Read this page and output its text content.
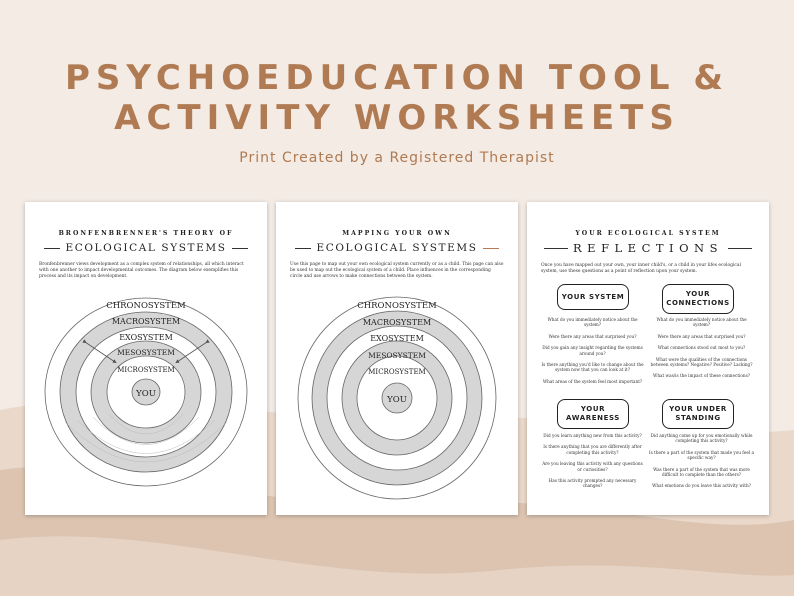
PSYCHOEDUCATION TOOL &
ACTIVITY WORKSHEETS
Print Created by a Registered Therapist
BRONFENBRENNER'S THEORY OF
ECOLOGICAL SYSTEMS
Bronfenbrenner views development as a complex system of relationships, all which interact with one another to impact developmental outcomes. The diagram below exemplifies this process and its impact on development.
CHRONOSYSTEM
MACROSYSTEM
EXOSYSTEM
MESOSYSTEM
MICROSYSTEM
YOU
MAPPING YOUR OWN
ECOLOGICAL SYSTEMS
Use this page to map out your own ecological system currently or as a child. This page can also be used to map out the ecological system of a child. Place influences in the corresponding circle and use arrows to make connections between the system.
CHRONOSYSTEM
MACROSYSTEM
EXOSYSTEM
MESOSYSTEM
MICROSYSTEM
YOU
YOUR ECOLOGICAL SYSTEM
REFLECTIONS
Once you have mapped out your own, your inner child's, or a child in your lifes ecological system, use these questions as a point of reflection upon your system.
YOUR SYSTEM	YOUR
CONNECTIONS
YOUR
AWARENESS
YOUR UNDER
STANDING

What do you immediately notice about the system?

Were there any areas that surprised you?

Did you gain any insight regarding the systems around you?

Is there anything you'd like to change about the system now that you can look at it?

What areas of the system feel most important?

What do you immediately notice about the system?

Were there any areas that surprised you?

What connections stood out most to you?

What were the qualities of the connections between systems? Negative? Positive? Lacking?

What was/is the impact of these connections?

Did you learn anything new from this activity?

Is there anything that you are differently after completing this activity?

Are you leaving this activity with any questions or curiosities?

Has this activity prompted any necessary changes?

Did anything come up for you emotionally while completing this activity?

Is there a part of the system that made you feel a specific way?

Was there a part of the system that was more difficult to complete than the others?

What emotions do you leave this activity with?
